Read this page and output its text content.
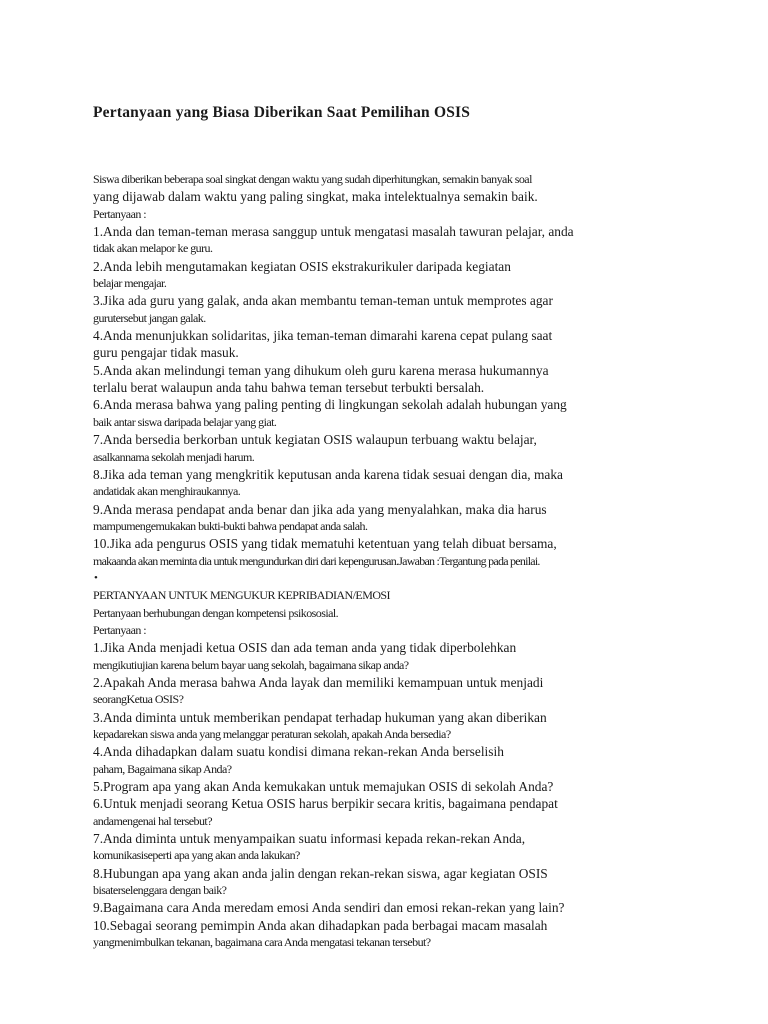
Pertanyaan yang Biasa Diberikan Saat Pemilihan OSIS
Siswa diberikan beberapa soal singkat dengan waktu yang sudah diperhitungkan, semakin banyak soal
yang dijawab dalam waktu yang paling singkat, maka intelektualnya semakin baik.
Pertanyaan :
1.Anda dan teman-teman merasa sanggup untuk mengatasi masalah tawuran pelajar, anda
tidak akan melapor ke guru.
2.Anda lebih mengutamakan kegiatan OSIS ekstrakurikuler daripada kegiatan
belajar mengajar.
3.Jika ada guru yang galak, anda akan membantu teman-teman untuk memprotes agar
gurutersebut jangan galak.
4.Anda menunjukkan solidaritas, jika teman-teman dimarahi karena cepat pulang saat
guru pengajar tidak masuk.
5.Anda akan melindungi teman yang dihukum oleh guru karena merasa hukumannya
terlalu berat walaupun anda tahu bahwa teman tersebut terbukti bersalah.
6.Anda merasa bahwa yang paling penting di lingkungan sekolah adalah hubungan yang
baik antar siswa daripada belajar yang giat.
7.Anda bersedia berkorban untuk kegiatan OSIS walaupun terbuang waktu belajar,
asalkannama sekolah menjadi harum.
8.Jika ada teman yang mengkritik keputusan anda karena tidak sesuai dengan dia, maka
andatidak akan menghiraukannya.
9.Anda merasa pendapat anda benar dan jika ada yang menyalahkan, maka dia harus
mampumengemukakan bukti-bukti bahwa pendapat anda salah.
10.Jika ada pengurus OSIS yang tidak mematuhi ketentuan yang telah dibuat bersama,
makaanda akan meminta dia untuk mengundurkan diri dari kepengurusan.Jawaban :Tergantung pada penilai.
•
PERTANYAAN UNTUK MENGUKUR KEPRIBADIAN/EMOSI
Pertanyaan berhubungan dengan kompetensi psikososial.
Pertanyaan :
1.Jika Anda menjadi ketua OSIS dan ada teman anda yang tidak diperbolehkan
mengikutiujian karena belum bayar uang sekolah, bagaimana sikap anda?
2.Apakah Anda merasa bahwa Anda layak dan memiliki kemampuan untuk menjadi
seorangKetua OSIS?
3.Anda diminta untuk memberikan pendapat terhadap hukuman yang akan diberikan
kepadarekan siswa anda yang melanggar peraturan sekolah, apakah Anda bersedia?
4.Anda dihadapkan dalam suatu kondisi dimana rekan-rekan Anda berselisih
paham, Bagaimana sikap Anda?
5.Program apa yang akan Anda kemukakan untuk memajukan OSIS di sekolah Anda?
6.Untuk menjadi seorang Ketua OSIS harus berpikir secara kritis, bagaimana pendapat
andamengenai hal tersebut?
7.Anda diminta untuk menyampaikan suatu informasi kepada rekan-rekan Anda,
komunikasiseperti apa yang akan anda lakukan?
8.Hubungan apa yang akan anda jalin dengan rekan-rekan siswa, agar kegiatan OSIS
bisaterselenggara dengan baik?
9.Bagaimana cara Anda meredam emosi Anda sendiri dan emosi rekan-rekan yang lain?
10.Sebagai seorang pemimpin Anda akan dihadapkan pada berbagai macam masalah
yangmenimbulkan tekanan, bagaimana cara Anda mengatasi tekanan tersebut?
